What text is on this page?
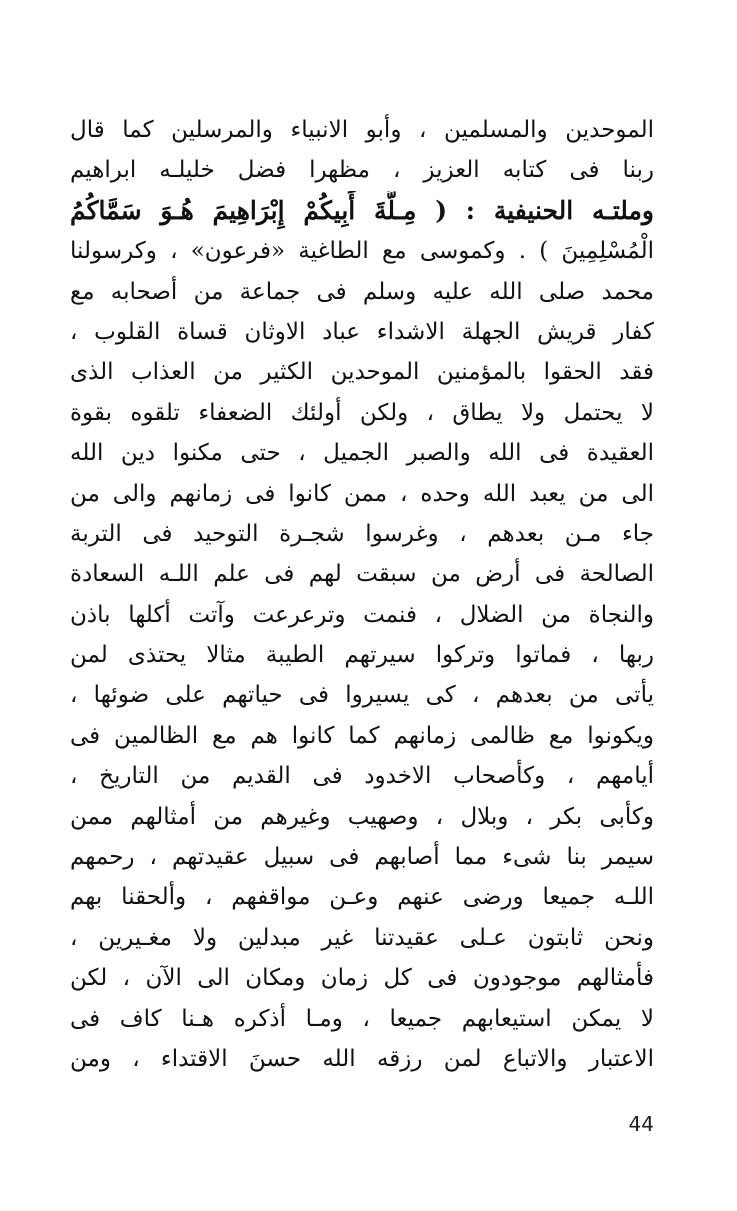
الموحدين والمسلمين ، وأبو الانبياء والمرسلين كما قال
ربنا فى كتابه العزيز ، مظهرا فضل خليلـه ابراهيم
وملتـه الحنيفية : ( مِـلَّةَ أَبِيكُمْ إِبْرَاهِيمَ هُـوَ سَمَّاكُمُ
الْمُسْلِمِينَ ) . وكموسى مع الطاغية «فرعون» ، وكرسولنا
محمد صلى الله عليه وسلم فى جماعة من أصحابه مع
كفار قريش الجهلة الاشداء عباد الاوثان قساة القلوب ،
فقد الحقوا بالمؤمنين الموحدين الكثير من العذاب الذى
لا يحتمل ولا يطاق ، ولكن أولئك الضعفاء تلقوه بقوة
العقيدة فى الله والصبر الجميل ، حتى مكنوا دين الله
الى من يعبد الله وحده ، ممن كانوا فى زمانهم والى من
جاء مـن بعدهم ، وغرسوا شجـرة التوحيد فى التربة
الصالحة فى أرض من سبقت لهم فى علم اللـه السعادة
والنجاة من الضلال ، فنمت وترعرعت وآتت أكلها باذن
ربها ، فماتوا وتركوا سيرتهم الطيبة مثالا يحتذى لمن
يأتى من بعدهم ، كى يسيروا فى حياتهم على ضوئها ،
ويكونوا مع ظالمى زمانهم كما كانوا هم مع الظالمين فى
أيامهم ، وكأصحاب الاخدود فى القديم من التاريخ ،
وكأبى بكر ، وبلال ، وصهيب وغيرهم من أمثالهم ممن
سيمر بنا شىء مما أصابهم فى سبيل عقيدتهم ، رحمهم
اللـه جميعا ورضى عنهم وعـن مواقفهم ، وألحقنا بهم
ونحن ثابتون عـلى عقيدتنا غير مبدلين ولا مغـيرين ،
فأمثالهم موجودون فى كل زمان ومكان الى الآن ، لكن
لا يمكن استيعابهم جميعا ، ومـا أذكره هـنا كاف فى
الاعتبار والاتباع لمن رزقه الله حسنَ الاقتداء ، ومن
44
